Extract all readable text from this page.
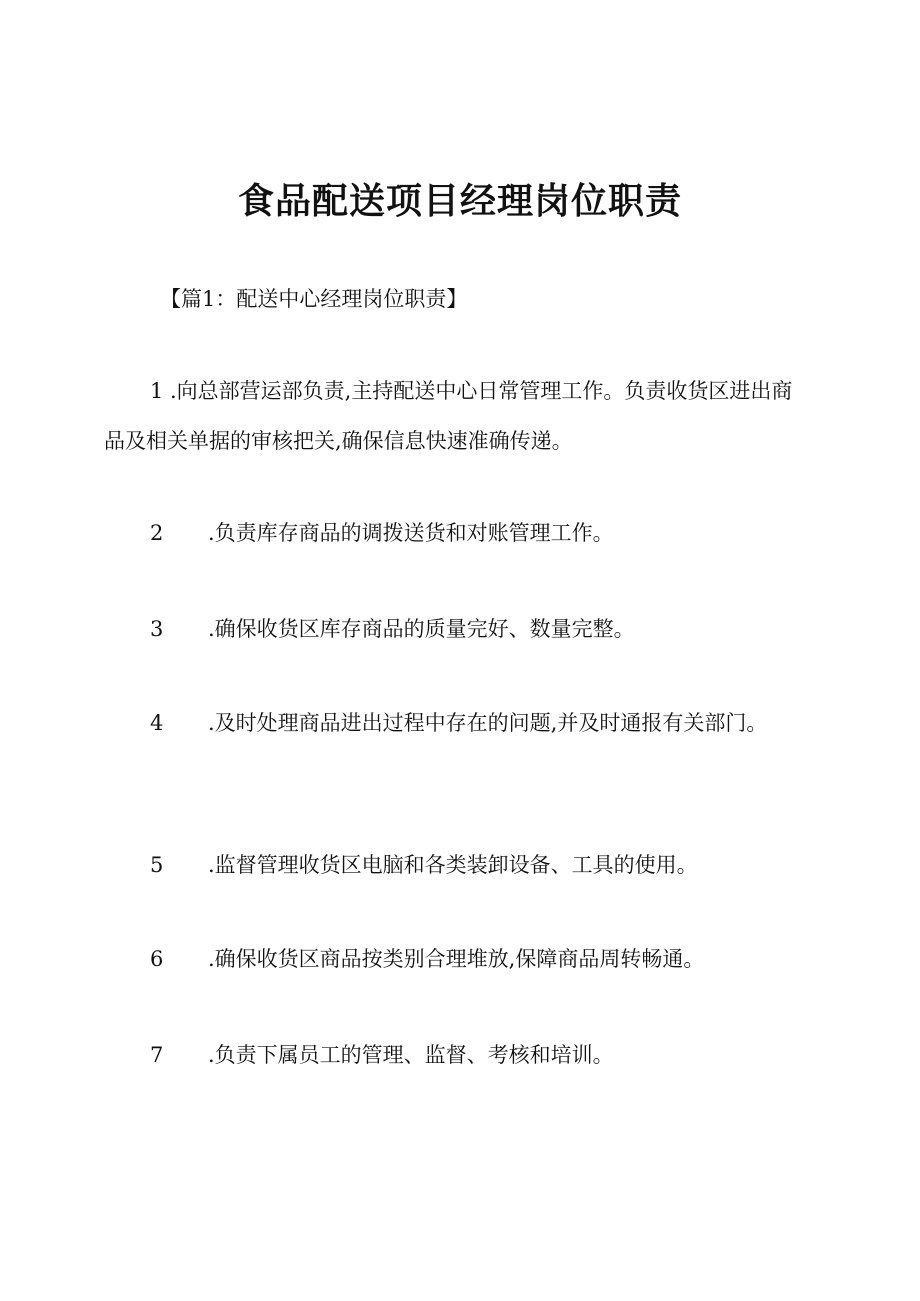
食品配送项目经理岗位职责
【篇1：配送中心经理岗位职责】
1 .向总部营运部负责,主持配送中心日常管理工作。负责收货区进出商品及相关单据的审核把关,确保信息快速准确传递。
2 .负责库存商品的调拨送货和对账管理工作。
3 .确保收货区库存商品的质量完好、数量完整。
4 .及时处理商品进出过程中存在的问题,并及时通报有关部门。
5 .监督管理收货区电脑和各类装卸设备、工具的使用。
6 .确保收货区商品按类别合理堆放,保障商品周转畅通。
7 .负责下属员工的管理、监督、考核和培训。
